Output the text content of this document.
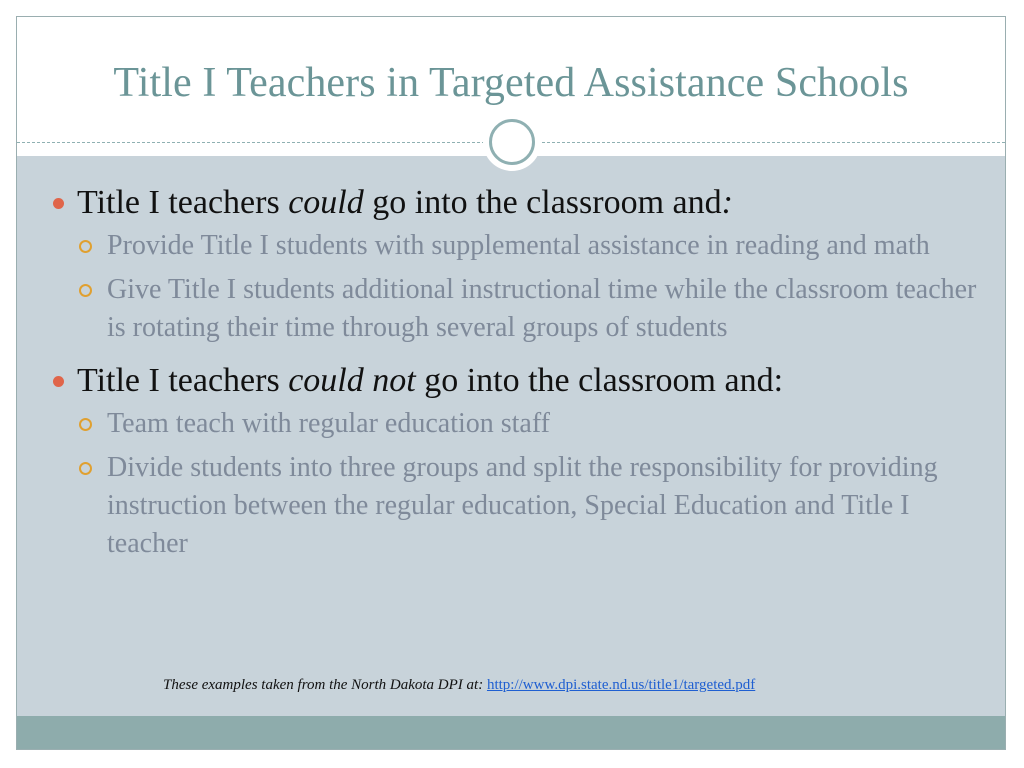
Title I Teachers in Targeted Assistance Schools
Title I teachers could go into the classroom and:
Provide Title I students with supplemental assistance in reading and math
Give Title I students additional instructional time while the classroom teacher is rotating their time through several groups of students
Title I teachers could not go into the classroom and:
Team teach with regular education staff
Divide students into three groups and split the responsibility for providing instruction between the regular education, Special Education and Title I teacher
These examples taken from the North Dakota DPI at: http://www.dpi.state.nd.us/title1/targeted.pdf
